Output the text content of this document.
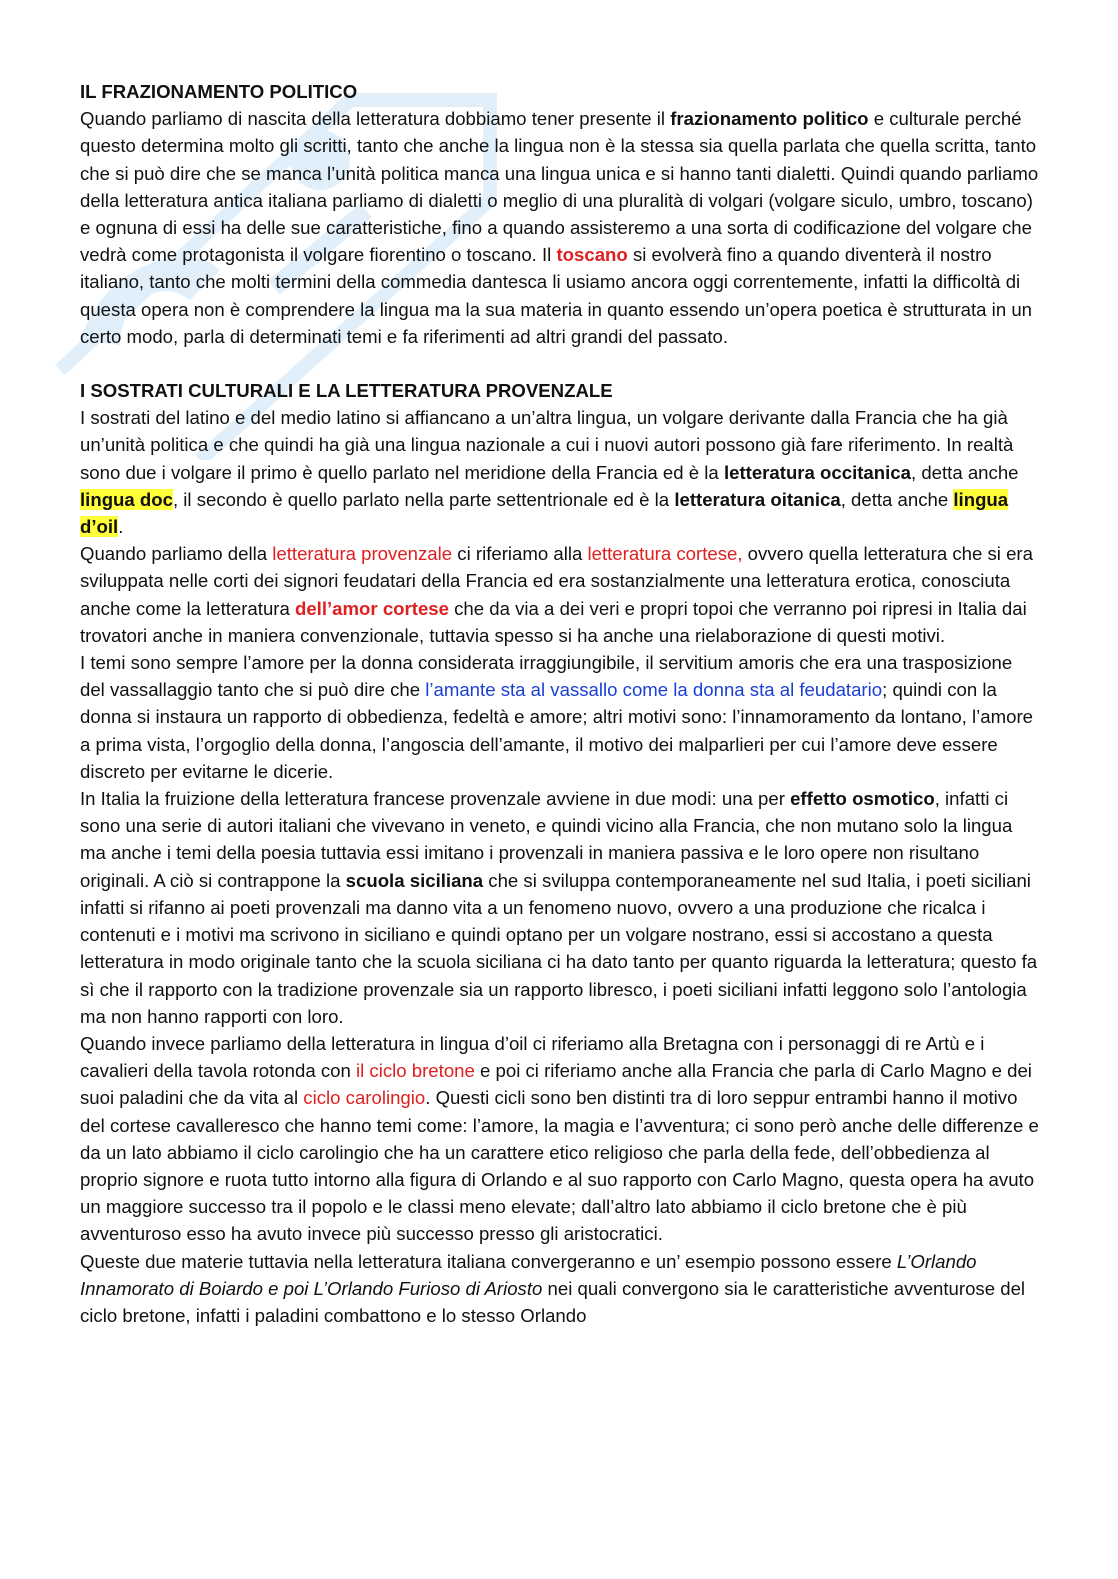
IL FRAZIONAMENTO POLITICO

Quando parliamo di nascita della letteratura dobbiamo tener presente il frazionamento politico e culturale perché questo determina molto gli scritti, tanto che anche la lingua non è la stessa sia quella parlata che quella scritta, tanto che si può dire che se manca l’unità politica manca una lingua unica e si hanno tanti dialetti. Quindi quando parliamo della letteratura antica italiana parliamo di dialetti o meglio di una pluralità di volgari (volgare siculo, umbro, toscano) e ognuna di essi ha delle sue caratteristiche, fino a quando assisteremo a una sorta di codificazione del volgare che vedrà come protagonista il volgare fiorentino o toscano. Il toscano si evolverà fino a quando diventerà il nostro italiano, tanto che molti termini della commedia dantesca li usiamo ancora oggi correntemente, infatti la difficoltà di questa opera non è comprendere la lingua ma la sua materia in quanto essendo un’opera poetica è strutturata in un certo modo, parla di determinati temi e fa riferimenti ad altri grandi del passato.

I SOSTRATI CULTURALI E LA LETTERATURA PROVENZALE

I sostrati del latino e del medio latino si affiancano a un’altra lingua, un volgare derivante dalla Francia che ha già un’unità politica e che quindi ha già una lingua nazionale a cui i nuovi autori possono già fare riferimento. In realtà sono due i volgare il primo è quello parlato nel meridione della Francia ed è la letteratura occitanica, detta anche lingua doc, il secondo è quello parlato nella parte settentrionale ed è la letteratura oitanica, detta anche lingua d’oil.

Quando parliamo della letteratura provenzale ci riferiamo alla letteratura cortese, ovvero quella letteratura che si era sviluppata nelle corti dei signori feudatari della Francia ed era sostanzialmente una letteratura erotica, conosciuta anche come la letteratura dell’amor cortese che da via a dei veri e propri topoi che verranno poi ripresi in Italia dai trovatori anche in maniera convenzionale, tuttavia spesso si ha anche una rielaborazione di questi motivi.

I temi sono sempre l’amore per la donna considerata irraggiungibile, il servitium amoris che era una trasposizione del vassallaggio tanto che si può dire che l’amante sta al vassallo come la donna sta al feudatario; quindi con la donna si instaura un rapporto di obbedienza, fedeltà e amore; altri motivi sono: l’innamoramento da lontano, l’amore a prima vista, l’orgoglio della donna, l’angoscia dell’amante, il motivo dei malparlieri per cui l’amore deve essere discreto per evitarne le dicerie.

In Italia la fruizione della letteratura francese provenzale avviene in due modi: una per effetto osmotico, infatti ci sono una serie di autori italiani che vivevano in veneto, e quindi vicino alla Francia, che non mutano solo la lingua ma anche i temi della poesia tuttavia essi imitano i provenzali in maniera passiva e le loro opere non risultano originali. A ciò si contrappone la scuola siciliana che si sviluppa contemporaneamente nel sud Italia, i poeti siciliani infatti si rifanno ai poeti provenzali ma danno vita a un fenomeno nuovo, ovvero a una produzione che ricalca i contenuti e i motivi ma scrivono in siciliano e quindi optano per un volgare nostrano, essi si accostano a questa letteratura in modo originale tanto che la scuola siciliana ci ha dato tanto per quanto riguarda la letteratura; questo fa sì che il rapporto con la tradizione provenzale sia un rapporto libresco, i poeti siciliani infatti leggono solo l’antologia ma non hanno rapporti con loro.

Quando invece parliamo della letteratura in lingua d’oil ci riferiamo alla Bretagna con i personaggi di re Artù e i cavalieri della tavola rotonda con il ciclo bretone e poi ci riferiamo anche alla Francia che parla di Carlo Magno e dei suoi paladini che da vita al ciclo carolingio. Questi cicli sono ben distinti tra di loro seppur entrambi hanno il motivo del cortese cavalleresco che hanno temi come: l’amore, la magia e l’avventura; ci sono però anche delle differenze e da un lato abbiamo il ciclo carolingio che ha un carattere etico religioso che parla della fede, dell’obbedienza al proprio signore e ruota tutto intorno alla figura di Orlando e al suo rapporto con Carlo Magno, questa opera ha avuto un maggiore successo tra il popolo e le classi meno elevate; dall’altro lato abbiamo il ciclo bretone che è più avventuroso esso ha avuto invece più successo presso gli aristocratici.

Queste due materie tuttavia nella letteratura italiana convergeranno e un’ esempio possono essere L’Orlando Innamorato di Boiardo e poi L’Orlando Furioso di Ariosto nei quali convergono sia le caratteristiche avventurose del ciclo bretone, infatti i paladini combattono e lo stesso Orlando
